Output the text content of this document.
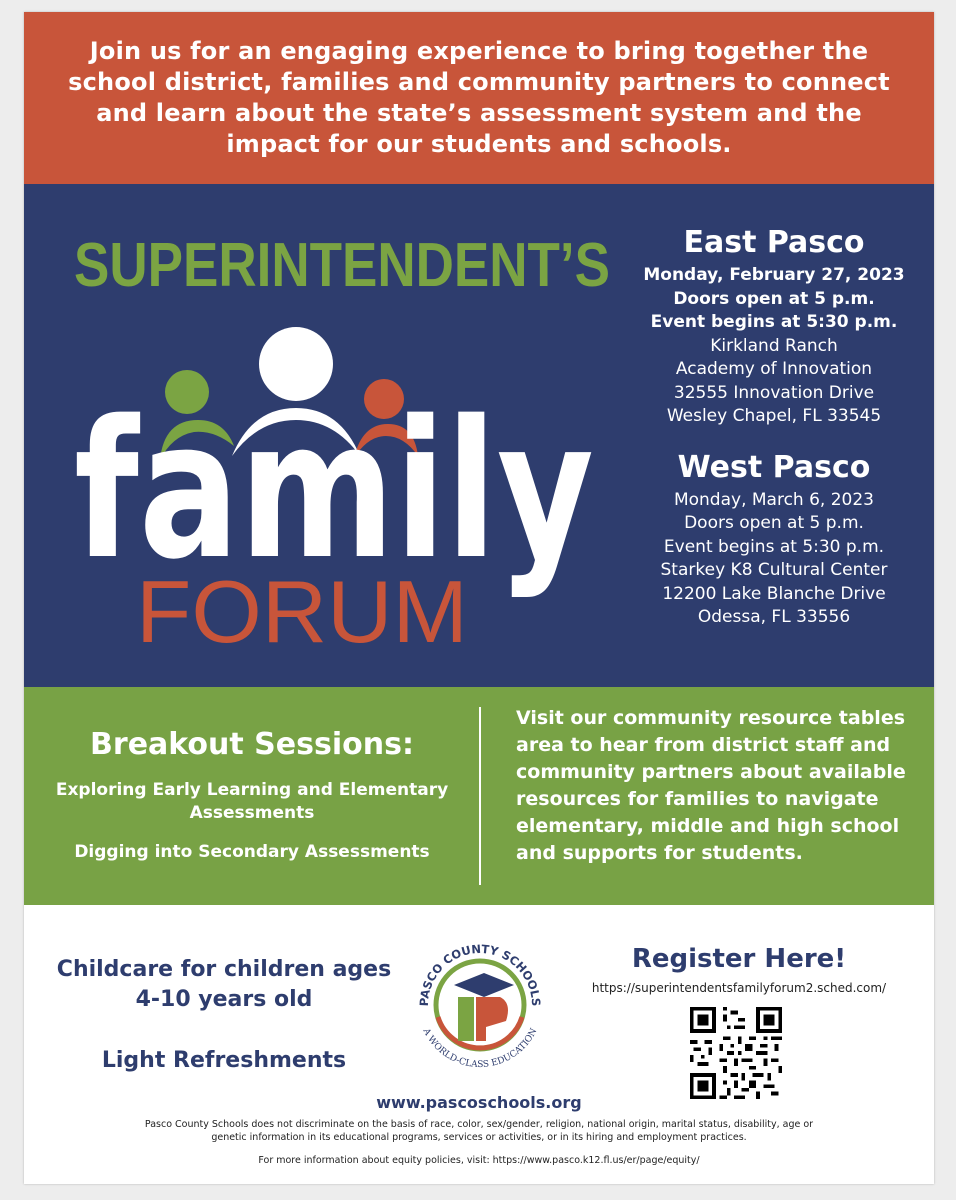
Join us for an engaging experience to bring together the school district, families and community partners to connect and learn about the state’s assessment system and the impact for our students and schools.

SUPERINTENDENT’S
family
FORUM
East Pasco
Monday, February 27, 2023
Doors open at 5 p.m.
Event begins at 5:30 p.m.
Kirkland Ranch
Academy of Innovation
32555 Innovation Drive
Wesley Chapel, FL 33545
West Pasco
Monday, March 6, 2023
Doors open at 5 p.m.
Event begins at 5:30 p.m.
Starkey K8 Cultural Center
12200 Lake Blanche Drive
Odessa, FL 33556
Breakout Sessions:
Exploring Early Learning and Elementary Assessments
Digging into Secondary Assessments

Visit our community resource tables area to hear from district staff and community partners about available resources for families to navigate elementary, middle and high school and supports for students.

Childcare for children ages 4-10 years old
Light Refreshments
PASCO COUNTY SCHOOLS
A WORLD-CLASS EDUCATION
Register Here!
https://superintendentsfamilyforum2.sched.com/
www.pascoschools.org

Pasco County Schools does not discriminate on the basis of race, color, sex/gender, religion, national origin, marital status, disability, age or genetic information in its educational programs, services or activities, or in its hiring and employment practices.

For more information about equity policies, visit: https://www.pasco.k12.fl.us/er/page/equity/
